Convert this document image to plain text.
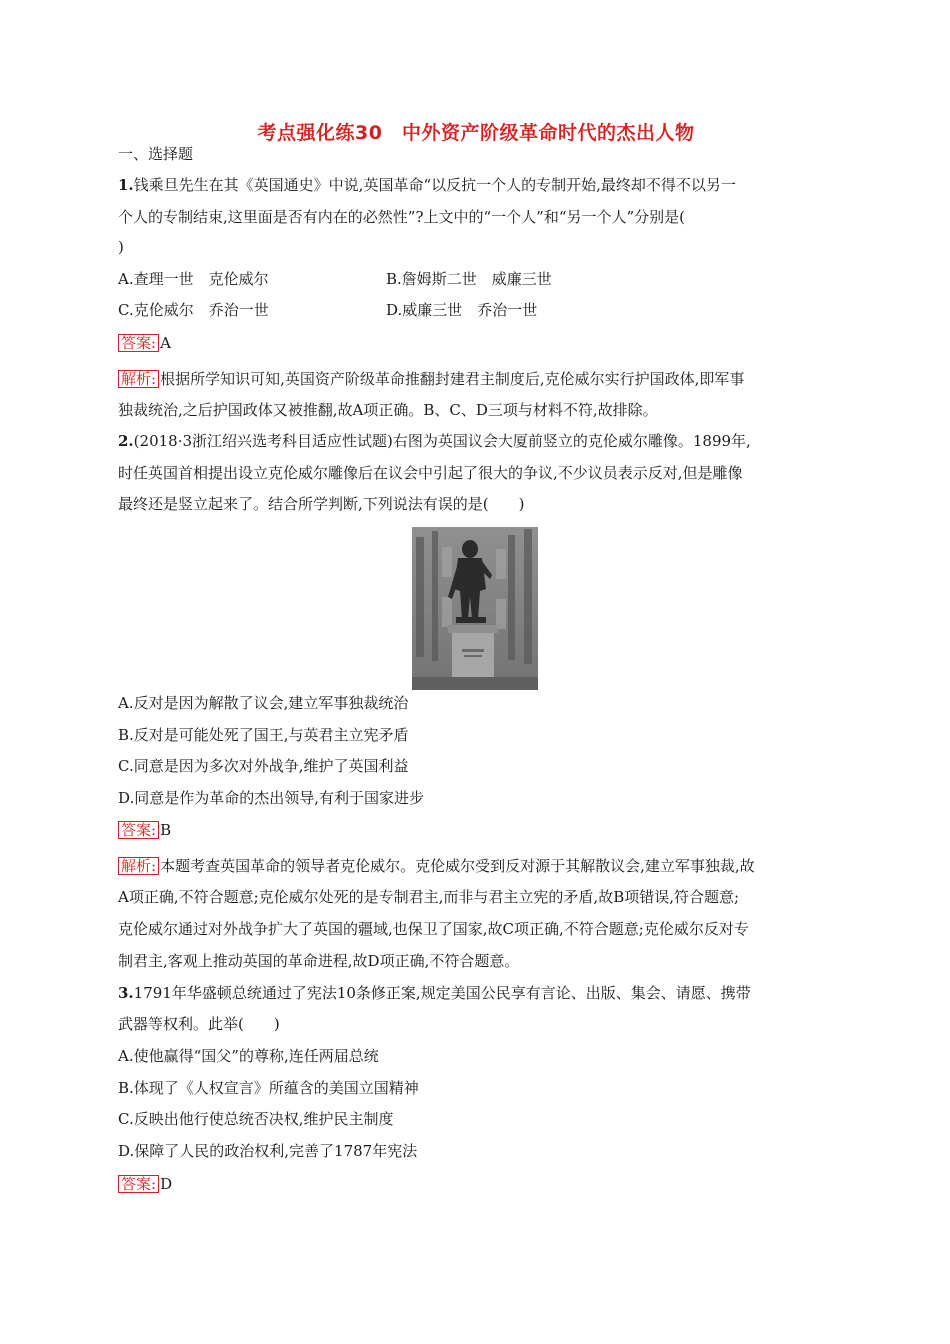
考点强化练30　中外资产阶级革命时代的杰出人物
一、选择题
1.钱乘旦先生在其《英国通史》中说,英国革命“以反抗一个人的专制开始,最终却不得不以另一
个人的专制结束,这里面是否有内在的必然性”?上文中的“一个人”和“另一个人”分别是(
)
A.查理一世　克伦威尔	B.詹姆斯二世　威廉三世
C.克伦威尔　乔治一世	D.威廉三世　乔治一世
答案: A
解析: 根据所学知识可知,英国资产阶级革命推翻封建君主制度后,克伦威尔实行护国政体,即军事
独裁统治,之后护国政体又被推翻,故A项正确。B、C、D三项与材料不符,故排除。
2.(2018·3浙江绍兴选考科目适应性试题)右图为英国议会大厦前竖立的克伦威尔雕像。1899年,
时任英国首相提出设立克伦威尔雕像后在议会中引起了很大的争议,不少议员表示反对,但是雕像
最终还是竖立起来了。结合所学判断,下列说法有误的是(　　)
A.反对是因为解散了议会,建立军事独裁统治
B.反对是可能处死了国王,与英君主立宪矛盾
C.同意是因为多次对外战争,维护了英国利益
D.同意是作为革命的杰出领导,有利于国家进步
答案: B
解析: 本题考查英国革命的领导者克伦威尔。克伦威尔受到反对源于其解散议会,建立军事独裁,故
A项正确,不符合题意;克伦威尔处死的是专制君主,而非与君主立宪的矛盾,故B项错误,符合题意;
克伦威尔通过对外战争扩大了英国的疆域,也保卫了国家,故C项正确,不符合题意;克伦威尔反对专
制君主,客观上推动英国的革命进程,故D项正确,不符合题意。
3.1791年华盛顿总统通过了宪法10条修正案,规定美国公民享有言论、出版、集会、请愿、携带
武器等权利。此举(　　)
A.使他赢得“国父”的尊称,连任两届总统
B.体现了《人权宣言》所蕴含的美国立国精神
C.反映出他行使总统否决权,维护民主制度
D.保障了人民的政治权利,完善了1787年宪法
答案: D
